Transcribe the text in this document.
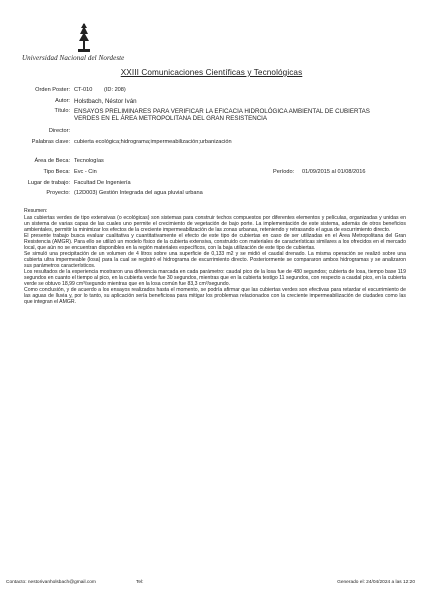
Universidad Nacional del Nordeste
XXIII Comunicaciones Científicas y Tecnológicas
Orden Poster: CT-010 (ID: 208)
Autor: Holstbach, Néstor Iván
Título: ENSAYOS PRELIMINARES PARA VERIFICAR LA EFICACIA HIDROLÓGICA AMBIENTAL DE CUBIERTAS VERDES EN EL ÁREA METROPOLITANA DEL GRAN RESISTENCIA
Director:
Palabras clave: cubierta ecológica;hidrograma;impermeabilización;urbanización
Área de Beca: Tecnologías
Tipo Beca: Evc - Cin	Período: 01/09/2015 al 01/08/2016
Lugar de trabajo: Facultad De Ingeniería
Proyecto: (12D003) Gestión Integrada del agua pluvial urbana

Resumen:

Las cubiertas verdes de tipo extensivas (o ecológicas) son sistemas para construir techos compuestos por diferentes elementos y películas, organizadas y unidas en un sistema de varias capas de las cuales uno permite el crecimiento de vegetación de bajo porte. La implementación de este sistema, además de otros beneficios ambientales, permitir la minimizar los efectos de la creciente impermeabilización de las zonas urbanas, reteniendo y retrasando el agua de escurrimiento directo.

El presente trabajo busca evaluar cualitativa y cuantitativamente el efecto de este tipo de cubiertas en caso de ser utilizadas en el Área Metropolitana del Gran Resistencia (AMGR). Para ello se utilizó un modelo físico de la cubierta extensiva, construido con materiales de características similares a los ofrecidos en el mercado local, que aún no se encuentran disponibles en la región materiales específicos, con la baja utilización de este tipo de cubiertas.

Se simuló una precipitación de un volumen de 4 litros sobre una superficie de 0,133 m2 y se midió el caudal drenado. La misma operación se realizó sobre una cubierta ultra impermeable (losa) para la cual se registró el hidrograma de escurrimiento directo. Posteriormente se compararon ambos hidrogramas y se analizaron sus parámetros característicos.

Los resultados de la experiencia mostraron una diferencia marcada en cada parámetro: caudal pico de la losa fue de 480 segundos; cubierta de losa, tiempo base 119 segundos en cuanto el tiempo al pico, en la cubierta verde fue 30 segundos, mientras que en la cubierta testigo 11 segundos, con respecto a caudal pico, en la cubierta verde se obtuvo 18,99 cm³/segundo mientras que en la losa común fue 83,3 cm³/segundo.

Como conclusión, y de acuerdo a los ensayos realizados hasta el momento, se podría afirmar que las cubiertas verdes son efectivas para retardar el escurrimiento de las aguas de lluvia y, por lo tanto, su aplicación sería beneficiosa para mitigar los problemas relacionados con la creciente impermeabilización de ciudades como las que integran el AMGR.

Contacto: nestorivanholsbach@gmail.com	Tel:	Generado el: 24/04/2024 a las 12:20
